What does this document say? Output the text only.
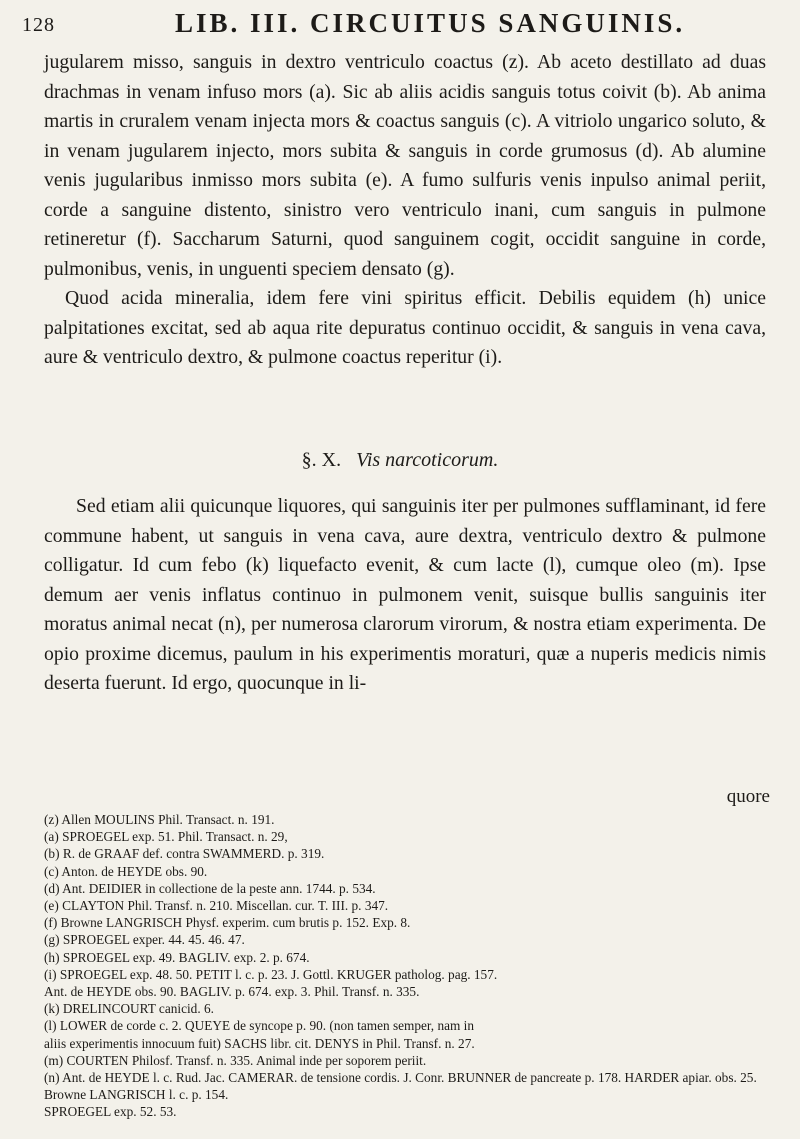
128	LIB. III. CIRCUITUS SANGUINIS.

jugularem misso, sanguis in dextro ventriculo coactus (z). Ab aceto destillato ad duas drachmas in venam infuso mors (a). Sic ab aliis acidis sanguis totus coivit (b). Ab anima martis in cruralem venam injecta mors & coactus sanguis (c). A vitriolo ungarico soluto, & in venam jugularem injecto, mors subita & sanguis in corde grumosus (d). Ab alumine venis jugularibus inmisso mors subita (e). A fumo sulfuris venis inpulso animal periit, corde a sanguine distento, sinistro vero ventriculo inani, cum sanguis in pulmone retineretur (f). Saccharum Saturni, quod sanguinem cogit, occidit sanguine in corde, pulmonibus, venis, in unguenti speciem densato (g).

Quod acida mineralia, idem fere vini spiritus efficit. Debilis equidem (h) unice palpitationes excitat, sed ab aqua rite depuratus continuo occidit, & sanguis in vena cava, aure & ventriculo dextro, & pulmone coactus reperitur (i).

§. X. Vis narcoticorum.

Sed etiam alii quicunque liquores, qui sanguinis iter per pulmones sufflaminant, id fere commune habent, ut sanguis in vena cava, aure dextra, ventriculo dextro & pulmone colligatur. Id cum febo (k) liquefacto evenit, & cum lacte (l), cumque oleo (m). Ipse demum aer venis inflatus continuo in pulmonem venit, suisque bullis sanguinis iter moratus animal necat (n), per numerosa clarorum virorum, & nostra etiam experimenta. De opio proxime dicemus, paulum in his experimentis moraturi, quæ a nuperis medicis nimis deserta fuerunt. Id ergo, quocunque in li-

quore
(z) Allen MOULINS Phil. Transact. n. 191.
(a) SPROEGEL exp. 51. Phil. Transact. n. 29,
(b) R. de GRAAF def. contra SWAMMERD. p. 319.
(c) Anton. de HEYDE obs. 90.
(d) Ant. DEIDIER in collectione de la peste ann. 1744. p. 534.
(e) CLAYTON Phil. Transf. n. 210. Miscellan. cur. T. III. p. 347.
(f) Browne LANGRISCH Physf. experim. cum brutis p. 152. Exp. 8.
(g) SPROEGEL exper. 44. 45. 46. 47.
(h) SPROEGEL exp. 49. BAGLIV. exp. 2. p. 674.
(i) SPROEGEL exp. 48. 50. PETIT l. c. p. 23. J. Gottl. KRUGER patholog. pag. 157.
Ant. de HEYDE obs. 90. BAGLIV. p. 674. exp. 3. Phil. Transf. n. 335.
(k) DRELINCOURT canicid. 6.
(l) LOWER de corde c. 2. QUEYE de syncope p. 90. (non tamen semper, nam in
aliis experimentis innocuum fuit) SACHS libr. cit. DENYS in Phil. Transf. n. 27.
(m) COURTEN Philosf. Transf. n. 335. Animal inde per soporem periit.
(n) Ant. de HEYDE l. c. Rud. Jac. CAMERAR. de tensione cordis. J. Conr. BRUNNER de pancreate p. 178. HARDER apiar. obs. 25. Browne LANGRISCH l. c. p. 154.
SPROEGEL exp. 52. 53.
